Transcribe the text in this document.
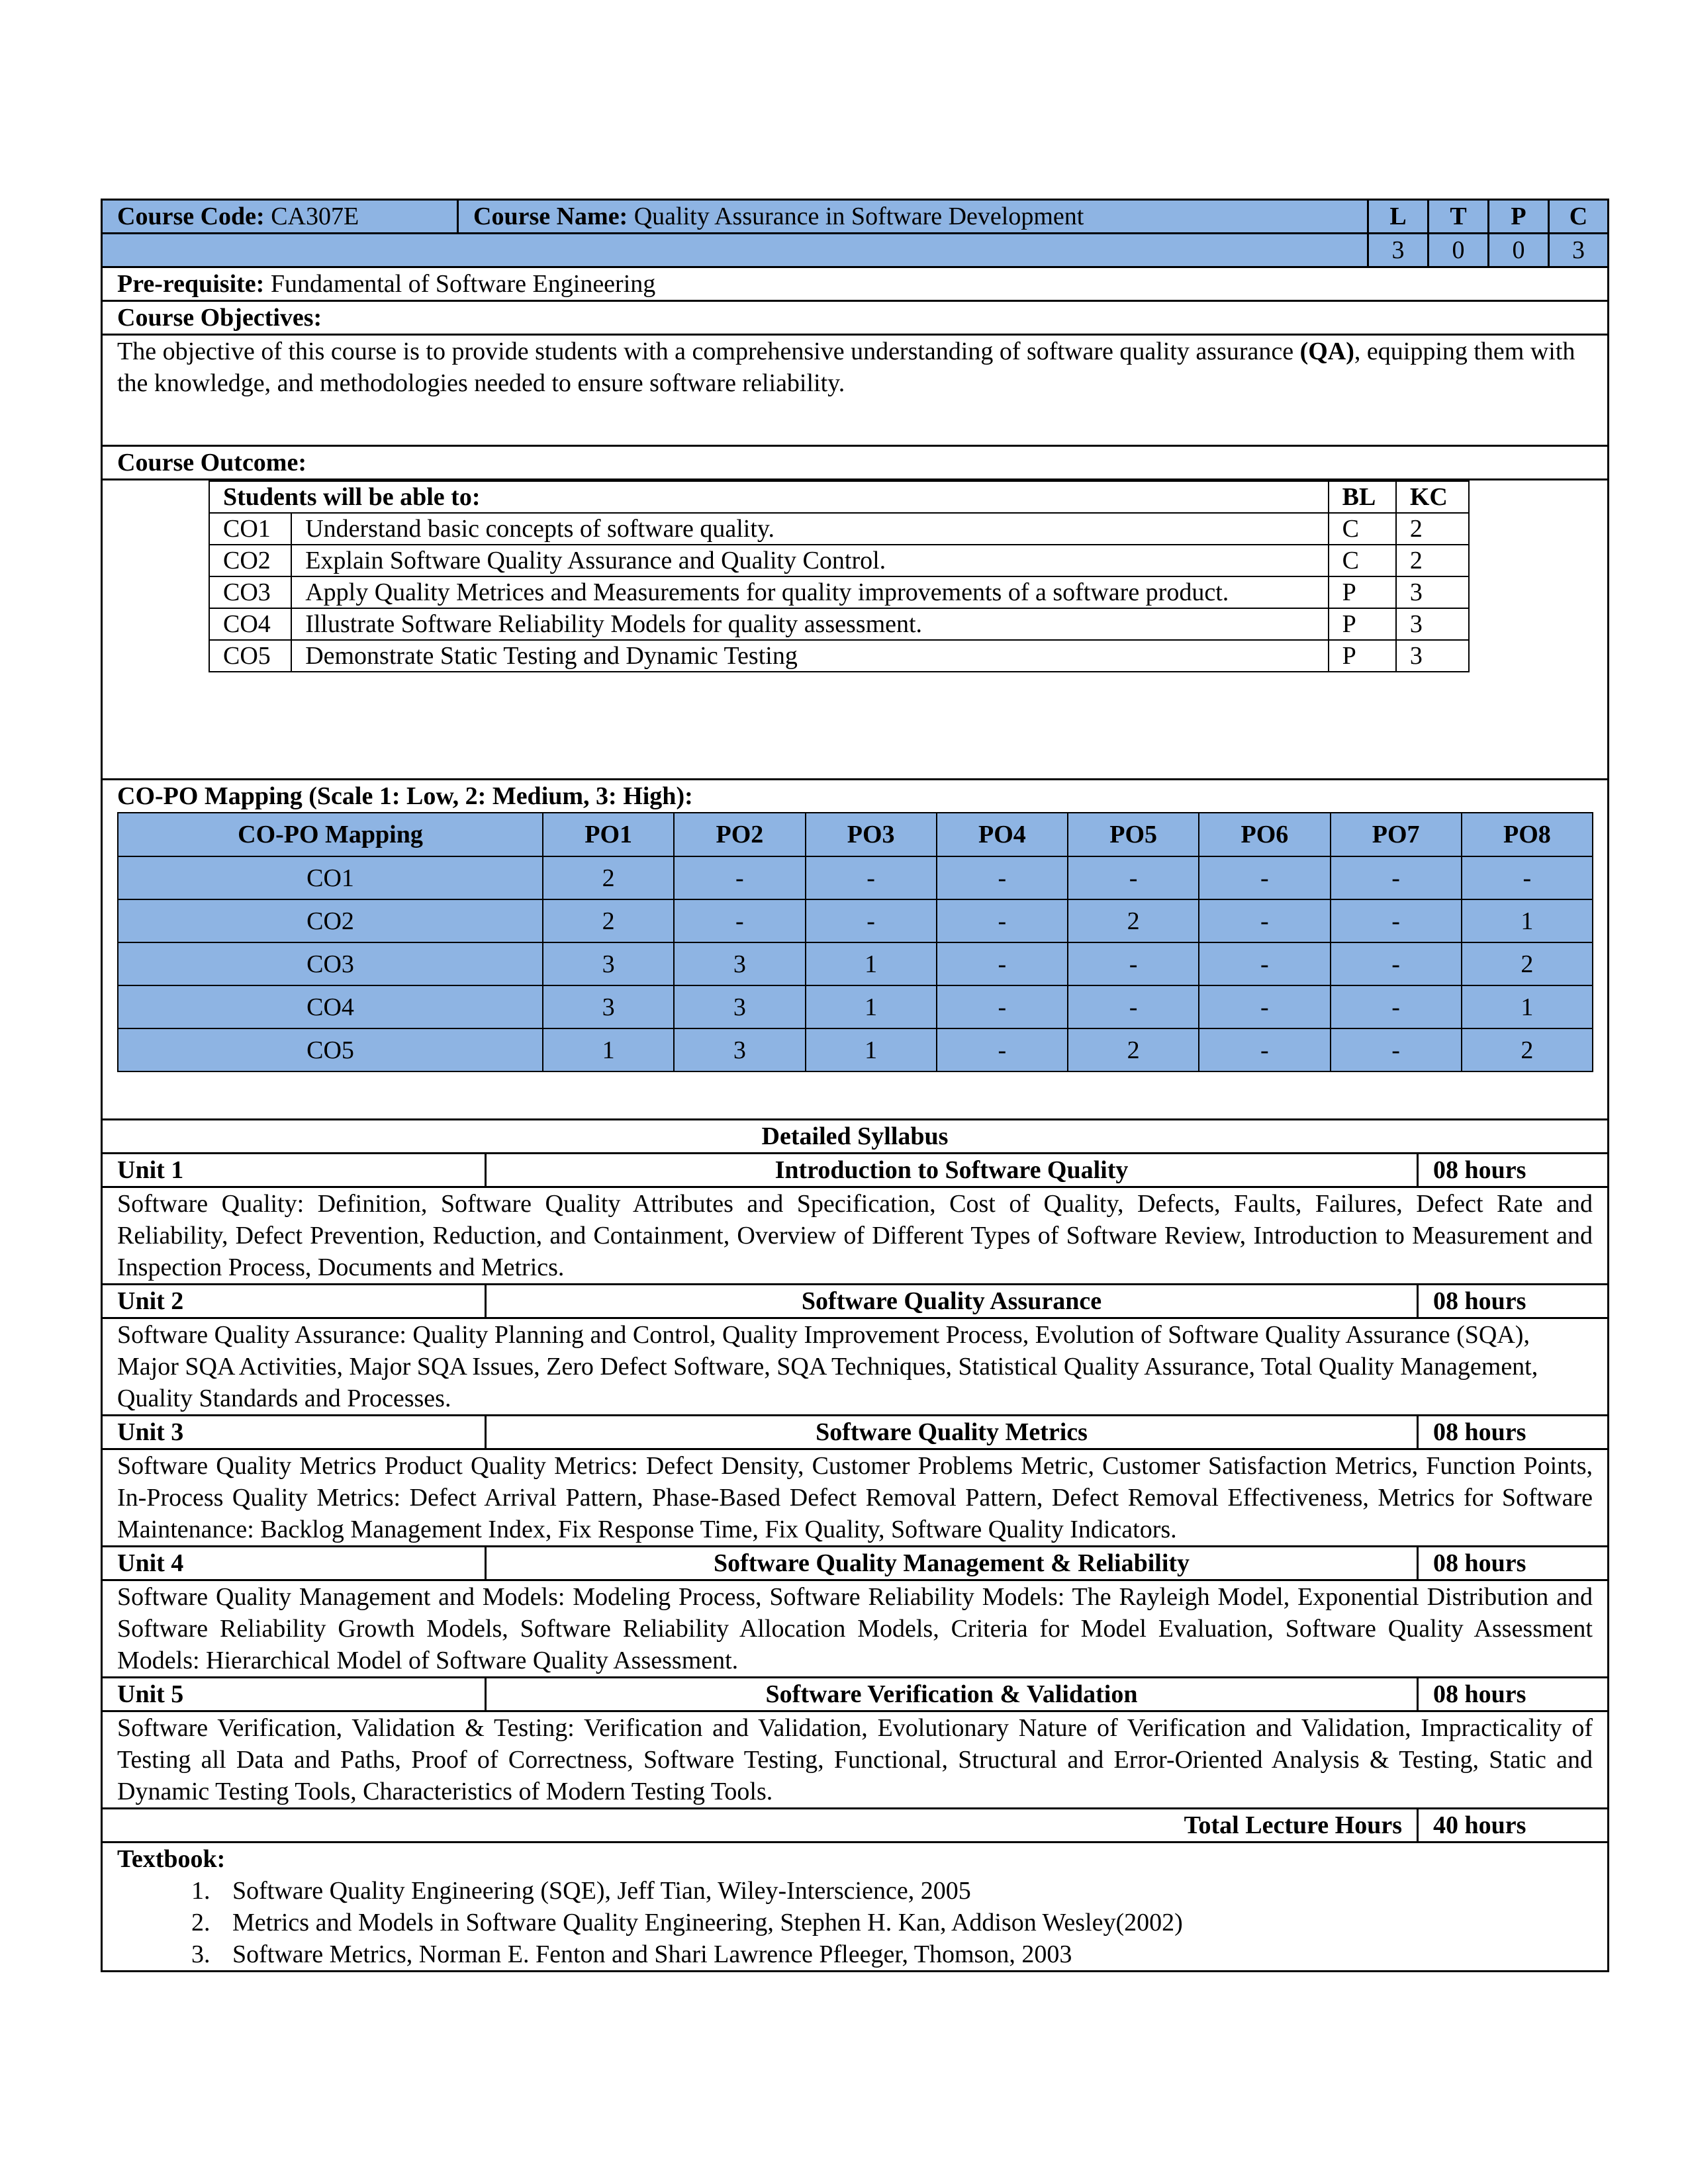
Course Code: CA307E	Course Name: Quality Assurance in Software Development	L	T	P	C
	3	0	0	3
Pre-requisite: Fundamental of Software Engineering
Course Objectives:
The objective of this course is to provide students with a comprehensive understanding of software quality assurance (QA), equipping them with the knowledge, and methodologies needed to ensure software reliability.
Course Outcome:

Students will be able to:	BL	KC
CO1	Understand basic concepts of software quality.	C	2
CO2	Explain Software Quality Assurance and Quality Control.	C	2
CO3	Apply Quality Metrices and Measurements for quality improvements of a software product.	P	3
CO4	Illustrate Software Reliability Models for quality assessment.	P	3
CO5	Demonstrate Static Testing and Dynamic Testing	P	3

CO-PO Mapping (Scale 1: Low, 2: Medium, 3: High):
CO-PO Mapping	PO1	PO2	PO3	PO4	PO5	PO6	PO7	PO8
CO1	2	-	-	-	-	-	-	-
CO2	2	-	-	-	2	-	-	1
CO3	3	3	1	-	-	-	-	2
CO4	3	3	1	-	-	-	-	1
CO5	1	3	1	-	2	-	-	2

Detailed Syllabus
Unit 1	Introduction to Software Quality	08 hours
Software Quality: Definition, Software Quality Attributes and Specification, Cost of Quality, Defects, Faults, Failures, Defect Rate and Reliability, Defect Prevention, Reduction, and Containment, Overview of Different Types of Software Review, Introduction to Measurement and Inspection Process, Documents and Metrics.		
Unit 2	Software Quality Assurance	08 hours
Software Quality Assurance: Quality Planning and Control, Quality Improvement Process, Evolution of Software Quality Assurance (SQA), Major SQA Activities, Major SQA Issues, Zero Defect Software, SQA Techniques, Statistical Quality Assurance, Total Quality Management, Quality Standards and Processes.		
Unit 3	Software Quality Metrics	08 hours
Software Quality Metrics Product Quality Metrics: Defect Density, Customer Problems Metric, Customer Satisfaction Metrics, Function Points, In-Process Quality Metrics: Defect Arrival Pattern, Phase-Based Defect Removal Pattern, Defect Removal Effectiveness, Metrics for Software Maintenance: Backlog Management Index, Fix Response Time, Fix Quality, Software Quality Indicators.		
Unit 4	Software Quality Management & Reliability	08 hours
Software Quality Management and Models: Modeling Process, Software Reliability Models: The Rayleigh Model, Exponential Distribution and Software Reliability Growth Models, Software Reliability Allocation Models, Criteria for Model Evaluation, Software Quality Assessment Models: Hierarchical Model of Software Quality Assessment.		
Unit 5	Software Verification & Validation	08 hours
Software Verification, Validation & Testing: Verification and Validation, Evolutionary Nature of Verification and Validation, Impracticality of Testing all Data and Paths, Proof of Correctness, Software Testing, Functional, Structural and Error-Oriented Analysis & Testing, Static and Dynamic Testing Tools, Characteristics of Modern Testing Tools.		
Total Lecture Hours		40 hours

Textbook:
1. Software Quality Engineering (SQE), Jeff Tian, Wiley-Interscience, 2005
2. Metrics and Models in Software Quality Engineering, Stephen H. Kan, Addison Wesley(2002)
3. Software Metrics, Norman E. Fenton and Shari Lawrence Pfleeger, Thomson, 2003
